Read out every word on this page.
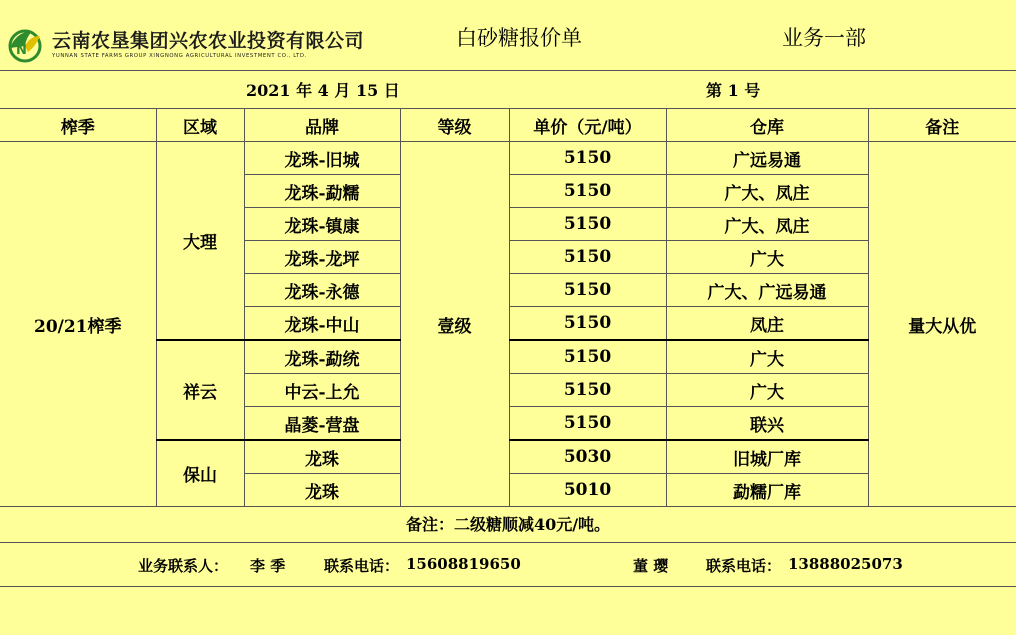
N 云南农垦集团兴农农业投资有限公司
YUNNAN STATE FARMS GROUP XINGNONG AGRICULTURAL INVESTMENT CO., LTD.
白砂糖报价单	业务一部
2021 年 4 月 15 日	第 1 号
榨季	区域	品牌	等级	单价（元/吨）	仓库	备注
20/21榨季	大理	龙珠-旧城	壹级	5150	广远易通	量大从优
		龙珠-勐糯		5150	广大、凤庄	
		龙珠-镇康		5150	广大、凤庄	
		龙珠-龙坪		5150	广大	
		龙珠-永德		5150	广大、广远易通	
		龙珠-中山		5150	凤庄	
	祥云	龙珠-勐统		5150	广大	
		中云-上允		5150	广大	
		晶菱-营盘		5150	联兴	
	保山	龙珠		5030	旧城厂库	
		龙珠		5010	勐糯厂库	
备注：二级糖顺减40元/吨。
业务联系人： 李 季	联系电话： 15608819650	董 璎	联系电话： 13888025073
